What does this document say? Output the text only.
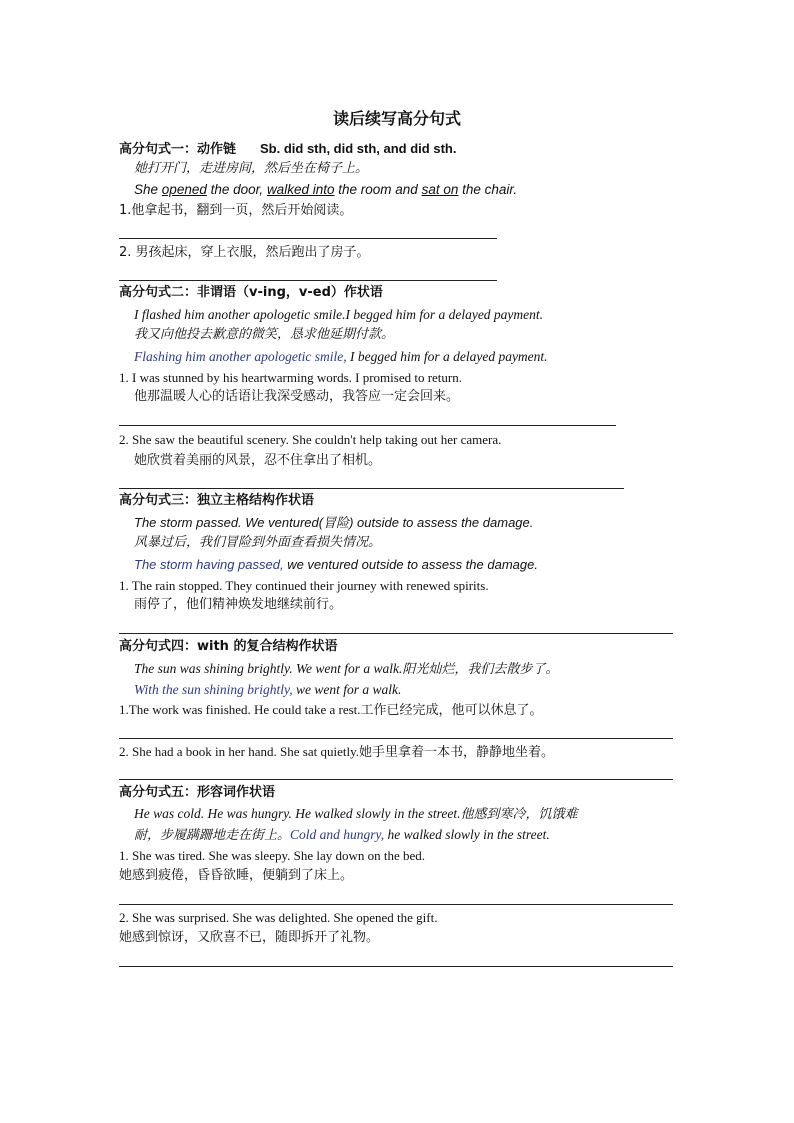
读后续写高分句式
高分句式一：动作链 Sb. did sth, did sth, and did sth.
她打开门，走进房间，然后坐在椅子上。
She opened the door, walked into the room and sat on the chair.
1.他拿起书，翻到一页，然后开始阅读。
2. 男孩起床，穿上衣服，然后跑出了房子。
高分句式二：非谓语（v-ing，v-ed）作状语
I flashed him another apologetic smile.I begged him for a delayed payment.
我又向他投去歉意的微笑，恳求他延期付款。
Flashing him another apologetic smile, I begged him for a delayed payment.
1. I was stunned by his heartwarming words. I promised to return.
他那温暖人心的话语让我深受感动，我答应一定会回来。
2. She saw the beautiful scenery. She couldn't help taking out her camera.
她欣赏着美丽的风景，忍不住拿出了相机。
高分句式三：独立主格结构作状语
The storm passed. We ventured(冒险) outside to assess the damage.
风暴过后，我们冒险到外面查看损失情况。
The storm having passed, we ventured outside to assess the damage.
1. The rain stopped. They continued their journey with renewed spirits.
雨停了，他们精神焕发地继续前行。
高分句式四：with 的复合结构作状语
The sun was shining brightly. We went for a walk.阳光灿烂，我们去散步了。
With the sun shining brightly, we went for a walk.
1.The work was finished. He could take a rest.工作已经完成，他可以休息了。
2. She had a book in her hand. She sat quietly.她手里拿着一本书，静静地坐着。
高分句式五：形容词作状语
He was cold. He was hungry. He walked slowly in the street.他感到寒冷，饥饿难
耐，步履蹒跚地走在街上。Cold and hungry, he walked slowly in the street.
1. She was tired. She was sleepy. She lay down on the bed.
她感到疲倦，昏昏欲睡，便躺到了床上。
2. She was surprised. She was delighted. She opened the gift.
她感到惊讶，又欣喜不已，随即拆开了礼物。
